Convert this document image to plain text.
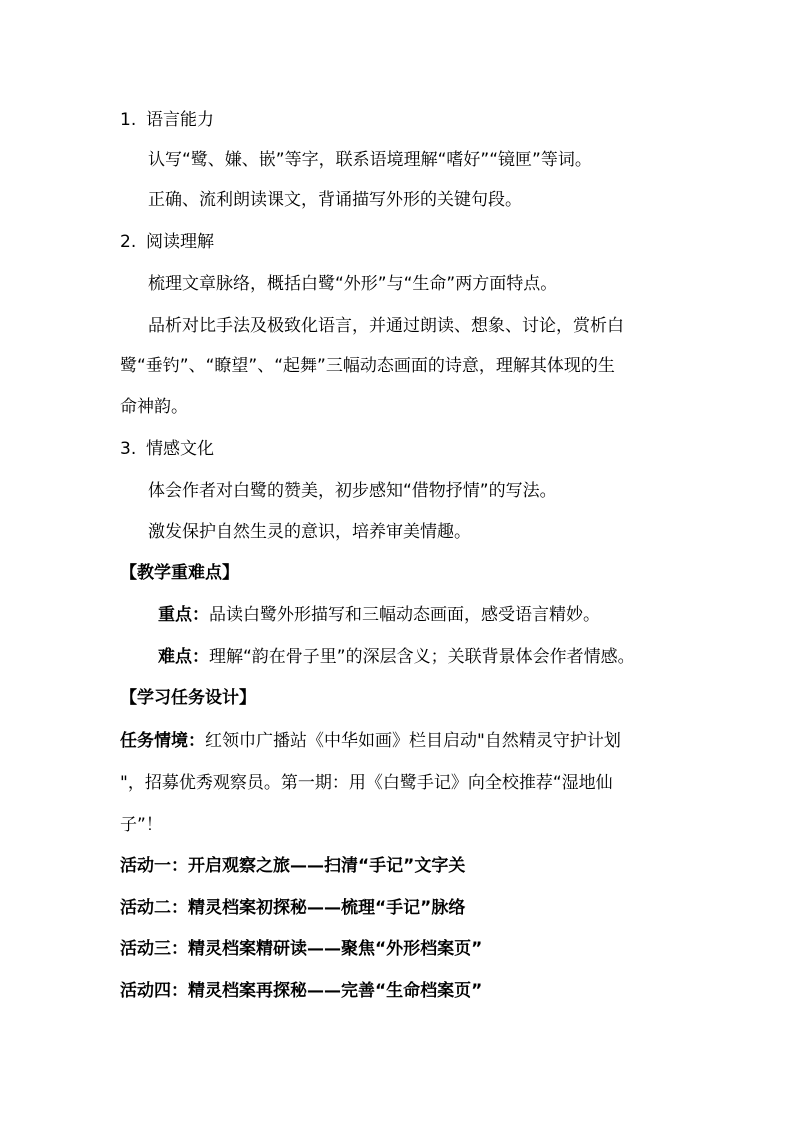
1. 语言能力
认写“鹭、嫌、嵌”等字，联系语境理解“嗜好”“镜匣”等词。
正确、流利朗读课文，背诵描写外形的关键句段。
2. 阅读理解
梳理文章脉络，概括白鹭“外形”与“生命”两方面特点。
品析对比手法及极致化语言，并通过朗读、想象、讨论，赏析白
鹭“垂钓”、“瞭望”、“起舞”三幅动态画面的诗意，理解其体现的生
命神韵。
3. 情感文化
体会作者对白鹭的赞美，初步感知“借物抒情”的写法。
激发保护自然生灵的意识，培养审美情趣。
【教学重难点】
重点：品读白鹭外形描写和三幅动态画面，感受语言精妙。
难点：理解“韵在骨子里”的深层含义；关联背景体会作者情感。
【学习任务设计】
任务情境：红领巾广播站《中华如画》栏目启动"自然精灵守护计划
"，招募优秀观察员。第一期：用《白鹭手记》向全校推荐“湿地仙
子”！
活动一：开启观察之旅——扫清“手记”文字关
活动二：精灵档案初探秘——梳理“手记”脉络
活动三：精灵档案精研读——聚焦“外形档案页”
活动四：精灵档案再探秘——完善“生命档案页”
